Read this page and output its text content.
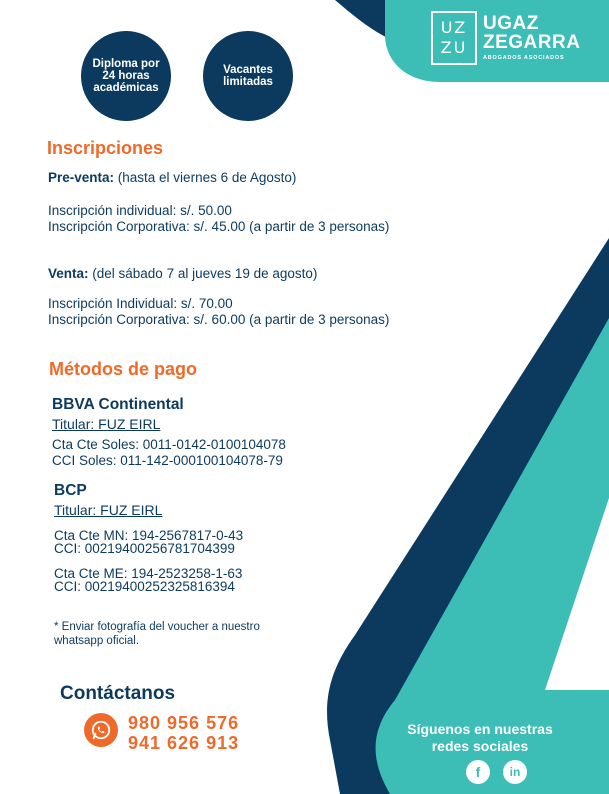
UZ
ZU
UGAZ
ZEGARRA
ABOGADOS ASOCIADOS
Diploma por 24 horas académicas
Vacantes limitadas
Inscripciones
Pre-venta: (hasta el viernes 6 de Agosto)
Inscripción individual: s/. 50.00
Inscripción Corporativa: s/. 45.00 (a partir de 3 personas)
Venta: (del sábado 7 al jueves 19 de agosto)
Inscripción Individual: s/. 70.00
Inscripción Corporativa: s/. 60.00 (a partir de 3 personas)
Métodos de pago
BBVA Continental
Titular: FUZ EIRL
Cta Cte Soles: 0011-0142-0100104078
CCI Soles: 011-142-000100104078-79
BCP
Titular: FUZ EIRL
Cta Cte MN: 194-2567817-0-43
CCI: 00219400256781704399
Cta Cte ME: 194-2523258-1-63
CCI: 00219400252325816394
* Enviar fotografía del voucher a nuestro whatsapp oficial.
Contáctanos
980 956 576
941 626 913
Síguenos en nuestras redes sociales
f	in
